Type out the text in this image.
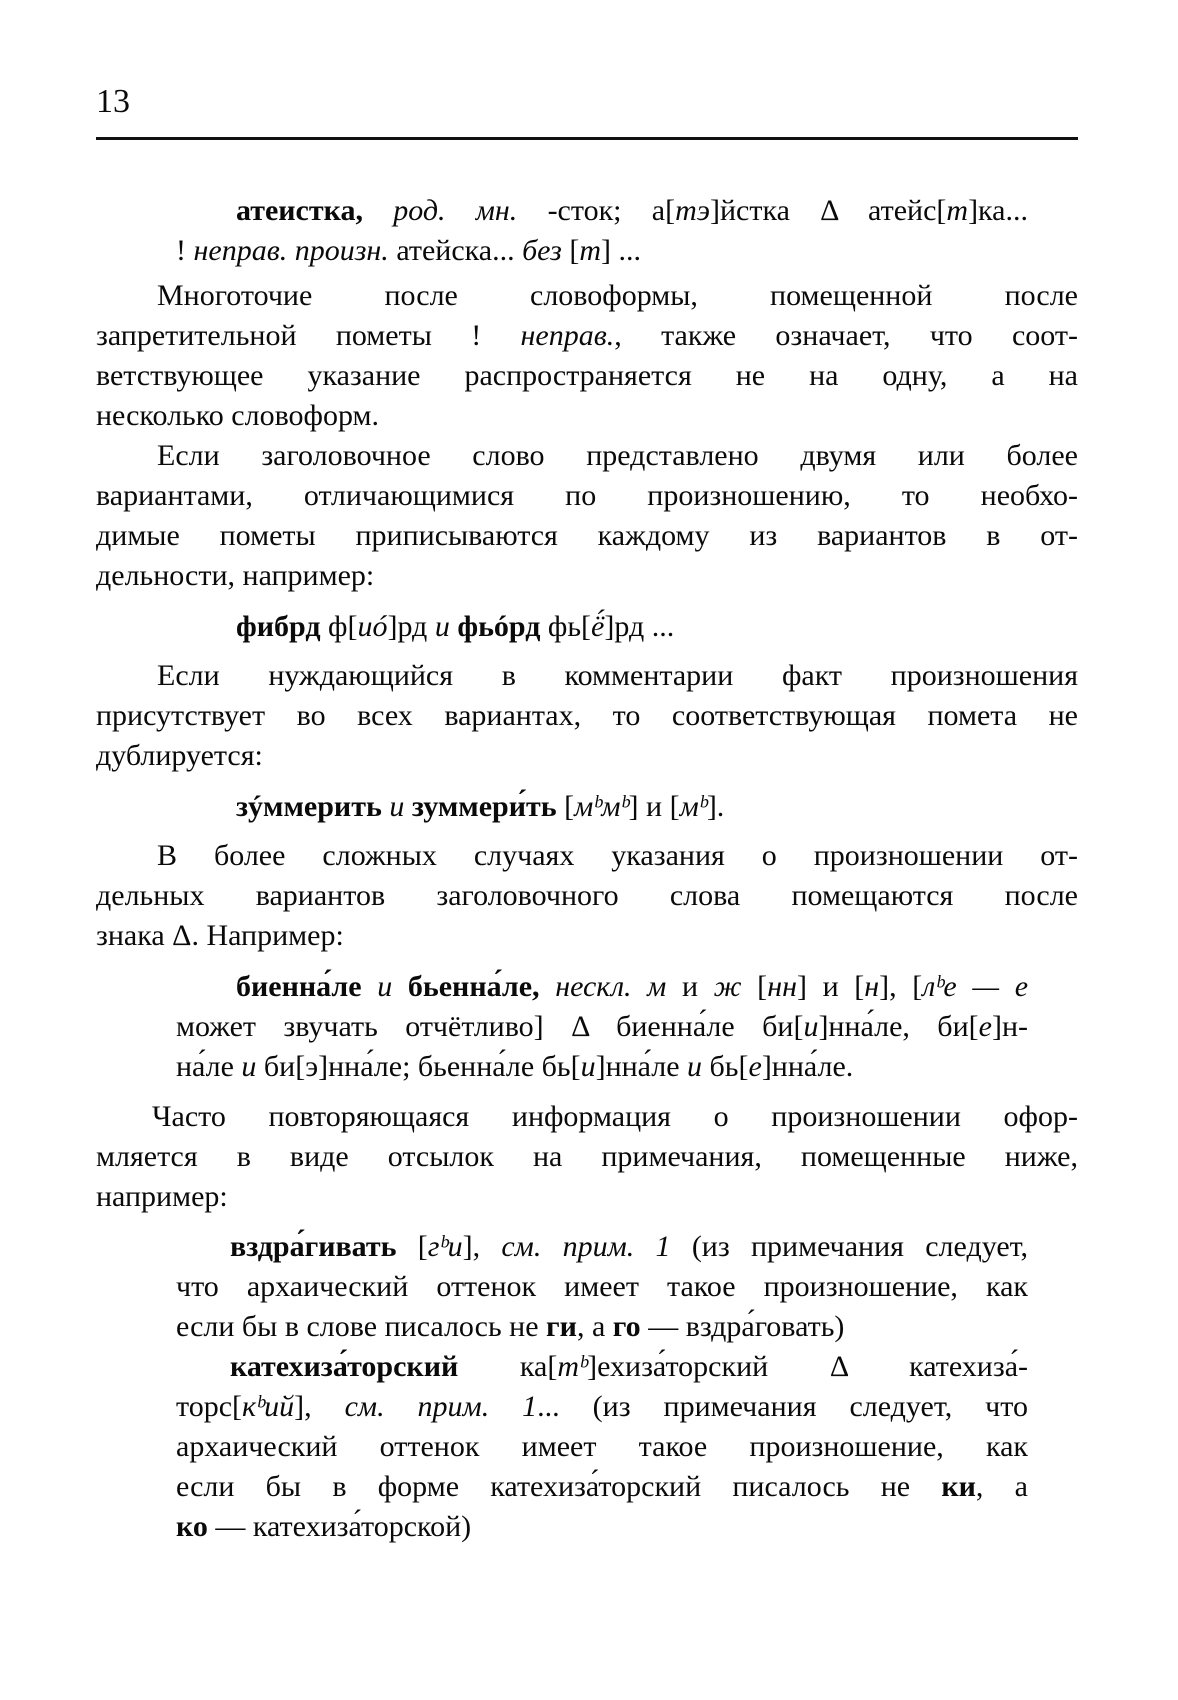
13
атеистка, род. мн. -сток; а[тэ]йстка Δ атейс[т]ка...
! неправ. произн. атейска... без [т] ...
Многоточие после словоформы, помещенной после
запретительной пометы ! неправ., также означает, что соот-
ветствующее указание распространяется не на одну, а на
несколько словоформ.
Если заголовочное слово представлено двумя или более
вариантами, отличающимися по произношению, то необхо-
димые пометы приписываются каждому из вариантов в от-
дельности, например:
фибрд ф[иó]рд и фьóрд фь[ё́]рд ...
Если нуждающийся в комментарии факт произношения
присутствует во всех вариантах, то соответствующая помета не
дублируется:
зýммерить и зуммери́ть [мᵇмᵇ] и [мᵇ].
В более сложных случаях указания о произношении от-
дельных вариантов заголовочного слова помещаются после
знака Δ. Например:
биенна́ле и бьенна́ле, нескл. м и ж [нн] и [н], [лᵇе — е
может звучать отчётливо] Δ биенна́ле би[и]нна́ле, би[е]н-
на́ле и би[э]нна́ле; бьенна́ле бь[и]нна́ле и бь[е]нна́ле.
Часто повторяющаяся информация о произношении офор-
мляется в виде отсылок на примечания, помещенные ниже,
например:
вздра́гивать [гᵇи], см. прим. 1 (из примечания следует,
что архаический оттенок имеет такое произношение, как
если бы в слове писалось не ги, а го — вздра́говать)
катехиза́торский ка[тᵇ]ехиза́торский Δ катехиза́-
торс[кᵇий], см. прим. 1... (из примечания следует, что
архаический оттенок имеет такое произношение, как
если бы в форме катехиза́торский писалось не ки, а
ко — катехиза́торской)
